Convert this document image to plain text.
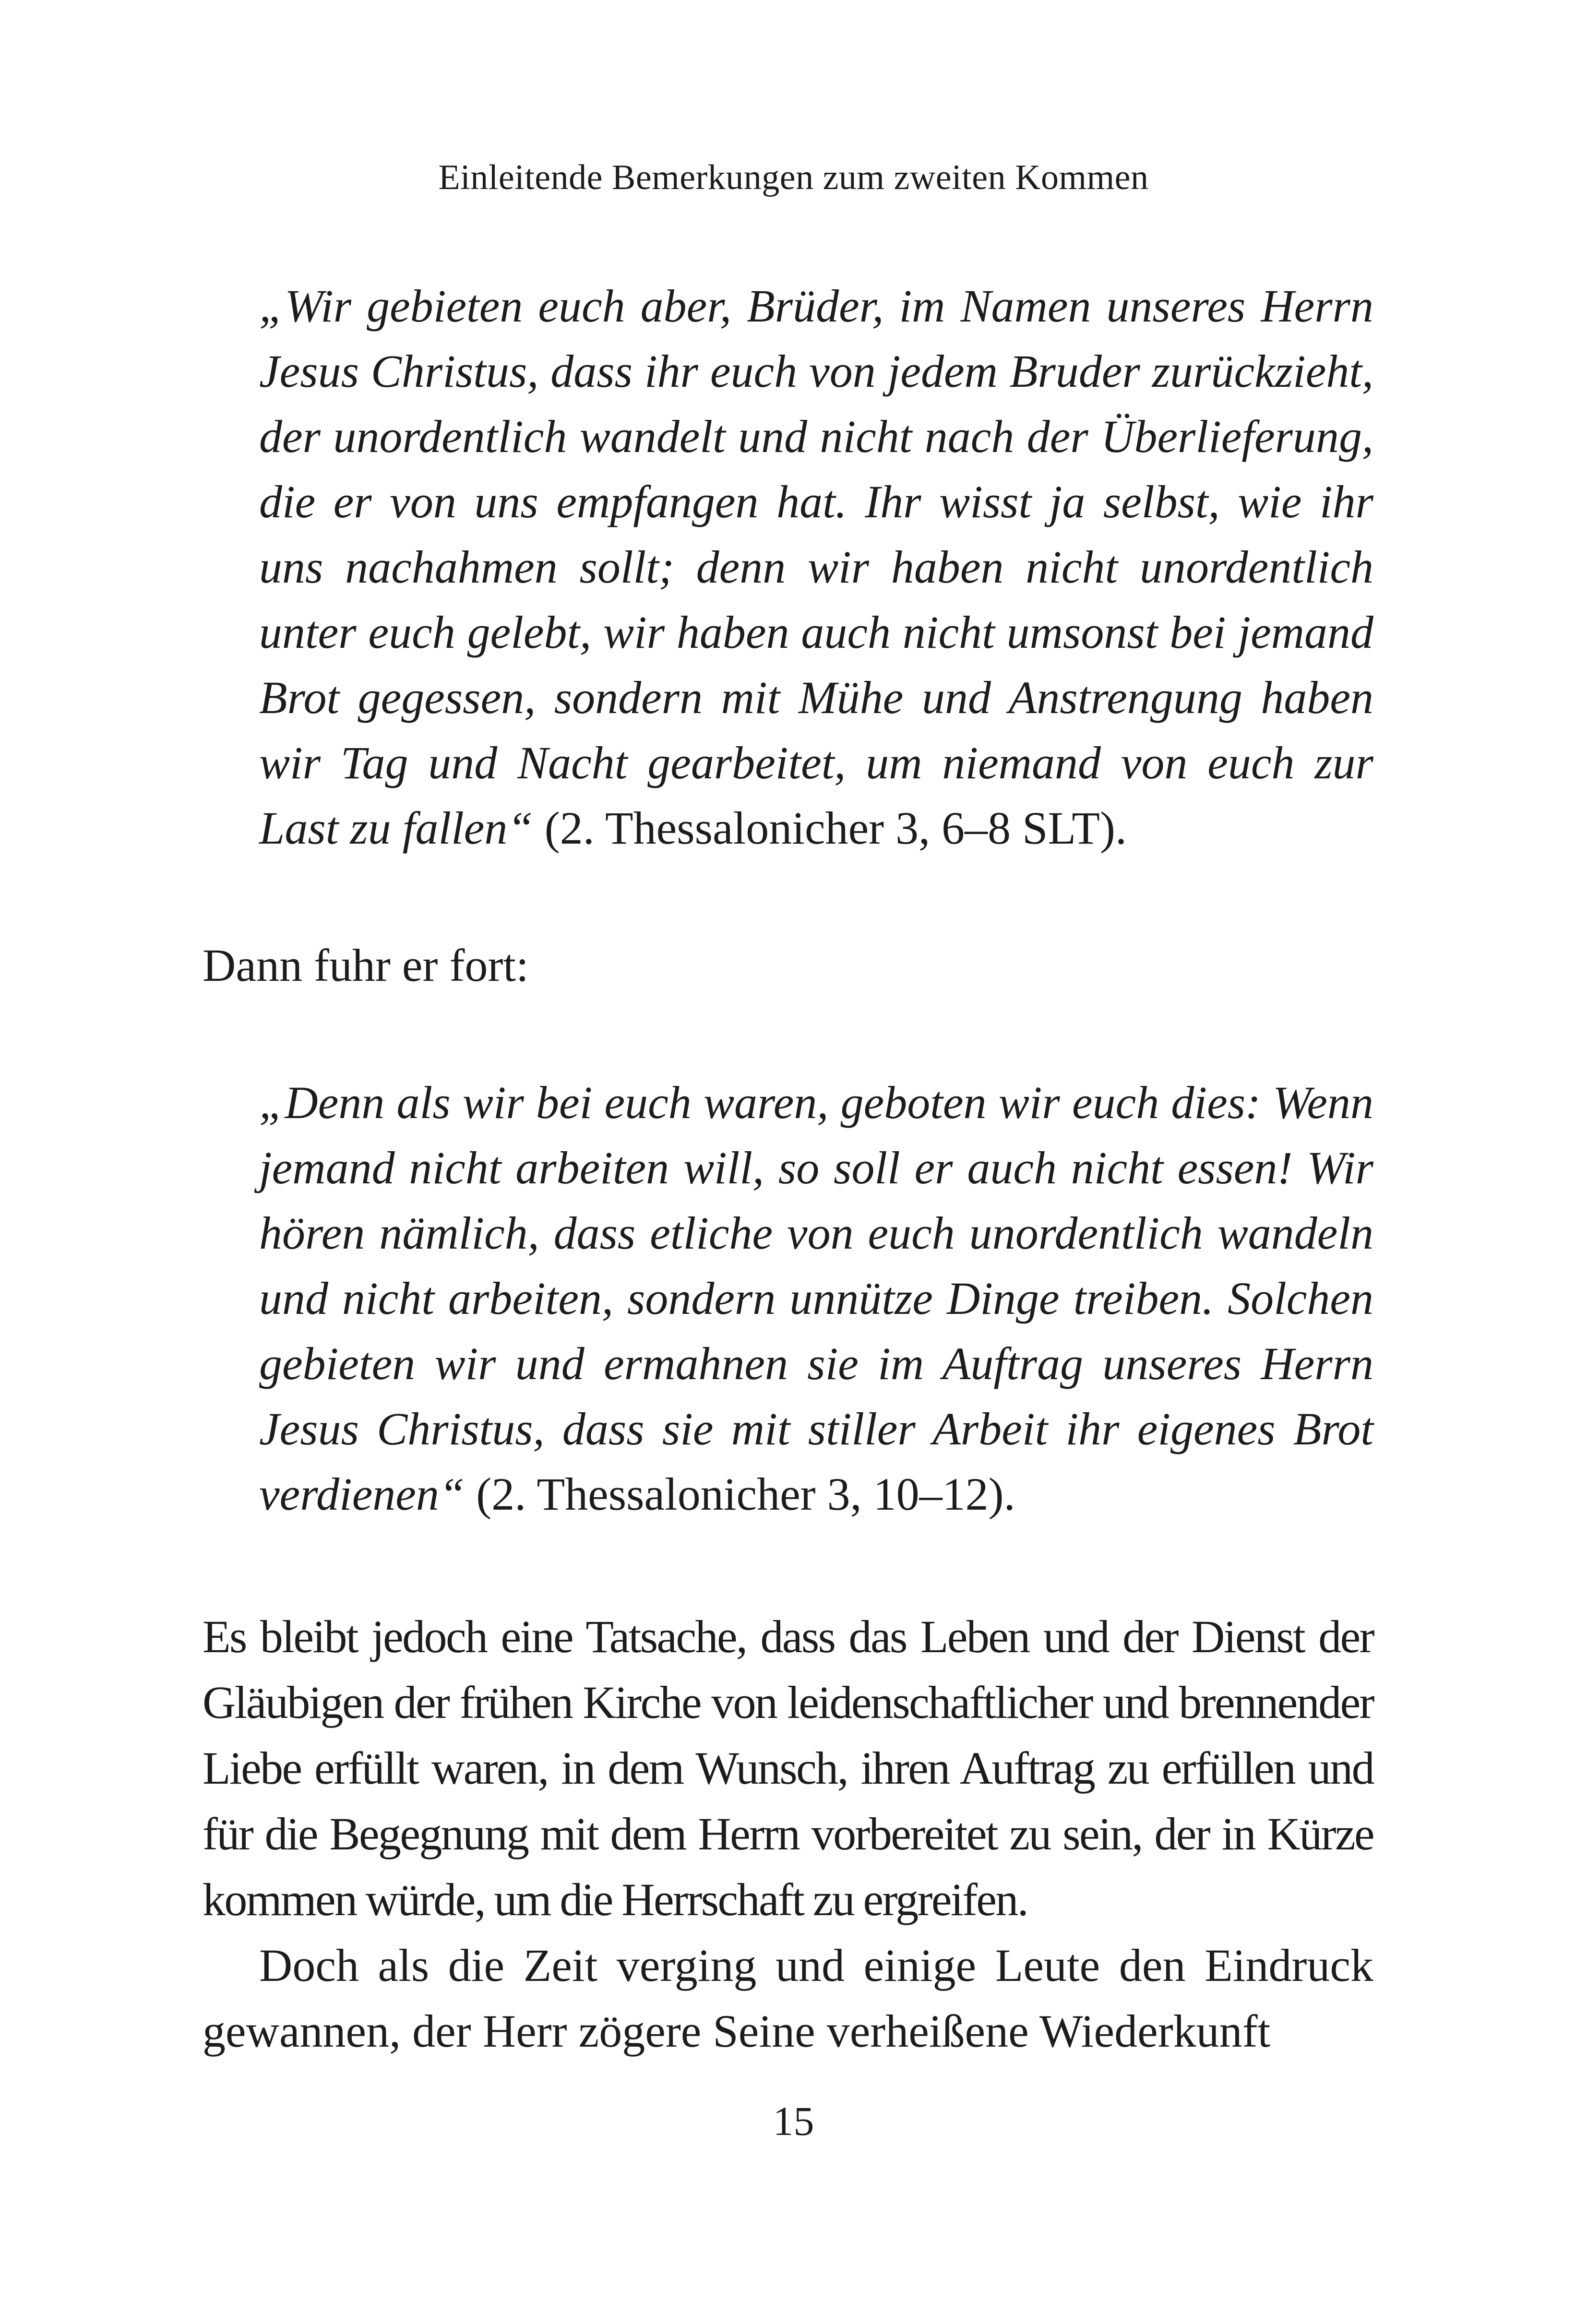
Einleitende Bemerkungen zum zweiten Kommen

„Wir gebieten euch aber, Brüder, im Namen unseres Herrn Jesus Christus, dass ihr euch von jedem Bruder zurückzieht, der unordentlich wandelt und nicht nach der Überlieferung, die er von uns empfangen hat. Ihr wisst ja selbst, wie ihr uns nachahmen sollt; denn wir haben nicht unordentlich unter euch gelebt, wir haben auch nicht umsonst bei jemand Brot gegessen, sondern mit Mühe und Anstrengung haben wir Tag und Nacht gearbeitet, um niemand von euch zur Last zu fallen“ (2. Thessalonicher 3, 6–8 SLT).

Dann fuhr er fort:

„Denn als wir bei euch waren, geboten wir euch dies: Wenn jemand nicht arbeiten will, so soll er auch nicht essen! Wir hören nämlich, dass etliche von euch unordentlich wandeln und nicht arbeiten, sondern unnütze Dinge treiben. Solchen gebieten wir und ermahnen sie im Auftrag unseres Herrn Jesus Christus, dass sie mit stiller Arbeit ihr eigenes Brot verdienen“ (2. Thessalonicher 3, 10–12).

Es bleibt jedoch eine Tatsache, dass das Leben und der Dienst der Gläubigen der frühen Kirche von leidenschaftlicher und brennender Liebe erfüllt waren, in dem Wunsch, ihren Auftrag zu erfüllen und für die Begegnung mit dem Herrn vorbereitet zu sein, der in Kürze kommen würde, um die Herrschaft zu ergreifen.

Doch als die Zeit verging und einige Leute den Eindruck gewannen, der Herr zögere Seine verheißene Wiederkunft

15
